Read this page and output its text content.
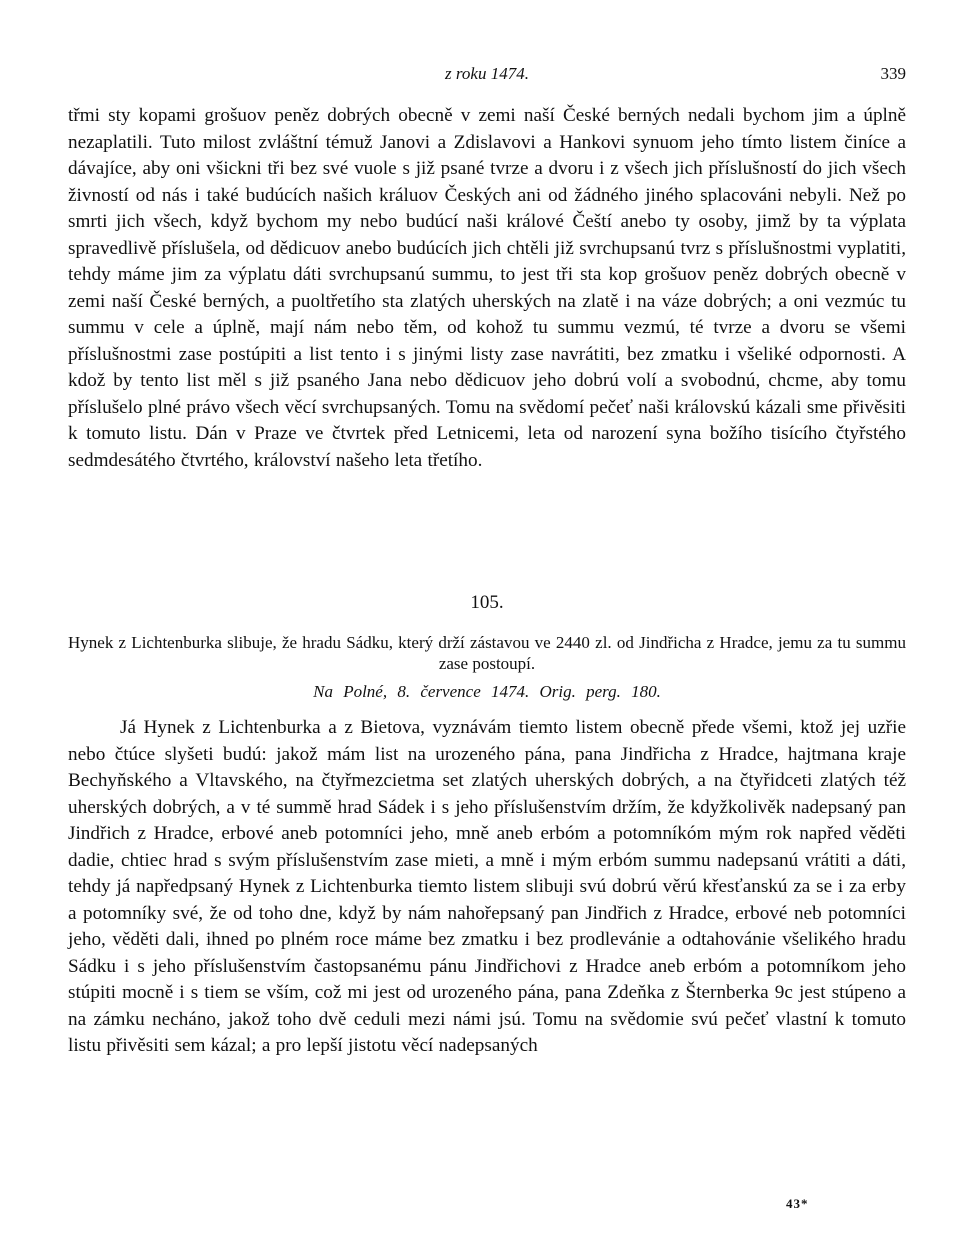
z roku 1474.	339

třmi sty kopami grošuov peněz dobrých obecně v zemi naší České berných nedali bychom jim a úplně nezaplatili. Tuto milost zvláštní témuž Janovi a Zdislavovi a Hankovi synuom jeho tímto listem činíce a dávajíce, aby oni všickni tři bez své vuole s již psané tvrze a dvoru i z všech jich příslušností do jich všech živností od nás i také budúcích našich králuov Českých ani od žádného jiného splacováni nebyli. Než po smrti jich všech, když bychom my nebo budúcí naši králové Čeští anebo ty osoby, jimž by ta výplata spravedlivě příslušela, od dědicuov anebo budúcích jich chtěli již svrchupsanú tvrz s příslušnostmi vyplatiti, tehdy máme jim za výplatu dáti svrchupsanú summu, to jest tři sta kop grošuov peněz dobrých obecně v zemi naší České berných, a puoltřetího sta zlatých uherských na zlatě i na váze dobrých; a oni vezmúc tu summu v cele a úplně, mají nám nebo těm, od kohož tu summu vezmú, té tvrze a dvoru se všemi příslušnostmi zase postúpiti a list tento i s jinými listy zase navrátiti, bez zmatku i všeliké odpornosti. A kdož by tento list měl s již psaného Jana nebo dědicuov jeho dobrú volí a svobodnú, chcme, aby tomu příslušelo plné právo všech věcí svrchupsaných. Tomu na svědomí pečeť naši královskú kázali sme přivěsiti k tomuto listu. Dán v Praze ve čtvrtek před Letnicemi, leta od narození syna božího tisícího čtyřstého sedmdesátého čtvrtého, království našeho leta třetího.

105.
Hynek z Lichtenburka slibuje, že hradu Sádku, který drží zástavou ve 2440 zl. od Jindřicha z Hradce, jemu za tu summu zase postoupí.
Na Polné, 8. července 1474. Orig. perg. 180.

Já Hynek z Lichtenburka a z Bietova, vyznávám tiemto listem obecně přede všemi, ktož jej uzřie nebo čtúce slyšeti budú: jakož mám list na urozeného pána, pana Jindřicha z Hradce, hajtmana kraje Bechyňského a Vltavského, na čtyřmezcietma set zlatých uherských dobrých, a na čtyřidceti zlatých též uherských dobrých, a v té summě hrad Sádek i s jeho příslušenstvím držím, že kdyžkolivěk nadepsaný pan Jindřich z Hradce, erbové aneb potomníci jeho, mně aneb erbóm a potomníkóm mým rok napřed věděti dadie, chtiec hrad s svým příslušenstvím zase mieti, a mně i mým erbóm summu nadepsanú vrátiti a dáti, tehdy já napředpsaný Hynek z Lichtenburka tiemto listem slibuji svú dobrú věrú křesťanskú za se i za erby a potomníky své, že od toho dne, když by nám nahořepsaný pan Jindřich z Hradce, erbové neb potomníci jeho, věděti dali, ihned po plném roce máme bez zmatku i bez prodlevánie a odtahovánie všelikého hradu Sádku i s jeho příslušenstvím častopsanému pánu Jindřichovi z Hradce aneb erbóm a potomníkom jeho stúpiti mocně i s tiem se vším, což mi jest od urozeného pána, pana Zdeňka z Šternberka 9c jest stúpeno a na zámku necháno, jakož toho dvě ceduli mezi námi jsú. Tomu na svědomie svú pečeť vlastní k tomuto listu přivěsiti sem kázal; a pro lepší jistotu věcí nadepsaných

43*
